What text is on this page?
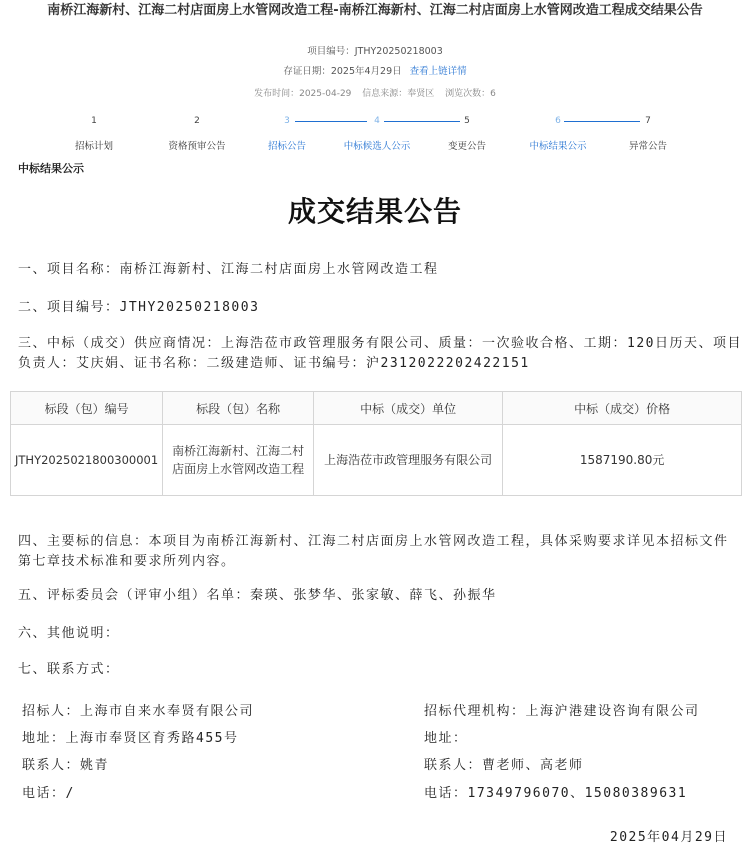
南桥江海新村、江海二村店面房上水管网改造工程-南桥江海新村、江海二村店面房上水管网改造工程成交结果公告
项目编号：JTHY20250218003
存证日期：2025年4月29日 查看上链详情
发布时间：2025-04-29 信息来源：奉贤区 浏览次数：6
1
招标计划
2
资格预审公告
3
招标公告
4
中标候选人公示
5
变更公告
6
中标结果公示
7
异常公告
中标结果公示
成交结果公告
一、项目名称：南桥江海新村、江海二村店面房上水管网改造工程
二、项目编号：JTHY20250218003
三、中标（成交）供应商情况：上海浩莅市政管理服务有限公司、质量：一次验收合格、工期：120日历天、项目负责人：艾庆娟、证书名称：二级建造师、证书编号：沪2312022202422151
标段（包）编号	标段（包）名称	中标（成交）单位	中标（成交）价格
JTHY2025021800300001	南桥江海新村、江海二村店面房上水管网改造工程	上海浩莅市政管理服务有限公司	1587190.80元
四、主要标的信息：本项目为南桥江海新村、江海二村店面房上水管网改造工程，具体采购要求详见本招标文件第七章技术标准和要求所列内容。
五、评标委员会（评审小组）名单：秦瑛、张梦华、张家敏、薛飞、孙振华
六、其他说明：
七、联系方式：
招标人：上海市自来水奉贤有限公司
地址：上海市奉贤区育秀路455号
联系人：姚青
电话：/
招标代理机构：上海沪港建设咨询有限公司
地址：
联系人：曹老师、高老师
电话：17349796070、15080389631
2025年04月29日
